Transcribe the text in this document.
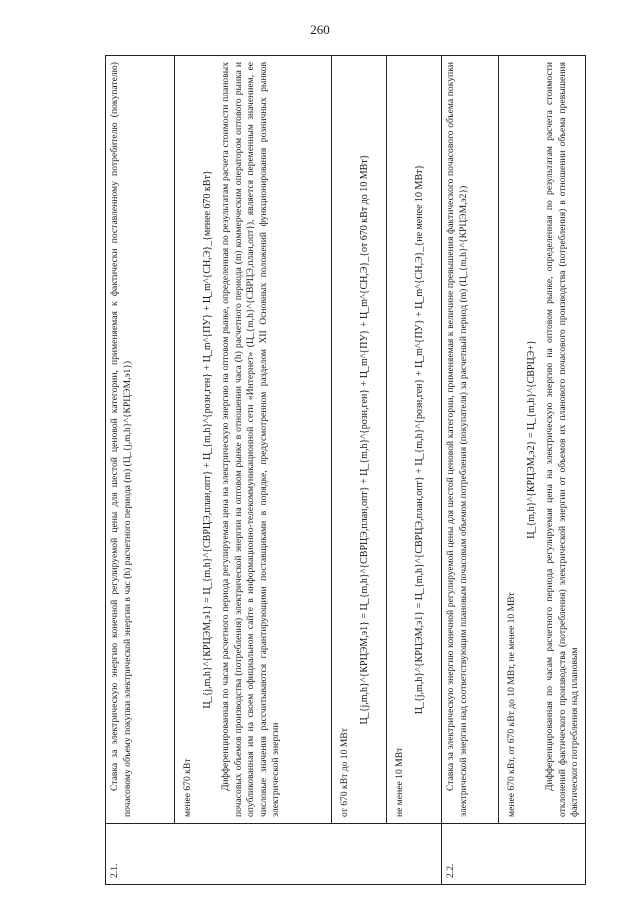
260
2.1.	Ставка за электрическую энергию конечной регулируемой цены для шестой ценовой категории, применяемая к фактически поставленному потребителю (покупателю) почасовому объему покупки электрической энергии в час (h) расчетного периода (m) (Ц_{j,m,h}^{КРЦЭМ,э1})

	менее 670 кВт
Ц_{j,m,h}^{КРЦЭМ,э1} = Ц_{m,h}^{СВРЦЭ,план,опт} + Ц_{m,h}^{розн,ген} + Ц_m^{ПУ} + Ц_m^{СН,Э}_{менее 670 кВт} Дифференцированная по часам расчетного периода регулируемая цена на электрическую энергию на оптовом рынке, определенная по результатам расчета стоимости плановых почасовых объемов производства (потребления) электрической энергии на оптовом рынке в отношении часа (h) расчетного периода (m) коммерческим оператором оптового рынка и опубликованная им на своем официальном сайте в информационно-телекоммуникационной сети «Интернет» (Ц_{m,h}^{СВРЦЭ,план,опт}), является переменным значением, ее числовые значения рассчитываются гарантирующими поставщиками в порядке, предусмотренном разделом XII Основных положений функционирования розничных рынков электрической энергии

	от 670 кВт до 10 МВт
Ц_{j,m,h}^{КРЦЭМ,э1} = Ц_{m,h}^{СВРЦЭ,план,опт} + Ц_{m,h}^{розн,ген} + Ц_m^{ПУ} + Ц_m^{СН,Э}_{от 670 кВт до 10 МВт}

	не менее 10 МВт
Ц_{j,m,h}^{КРЦЭМ,э1} = Ц_{m,h}^{СВРЦЭ,план,опт} + Ц_{m,h}^{розн,ген} + Ц_m^{ПУ} + Ц_m^{СН,Э}_{не менее 10 МВт}

2.2.	Ставка за электрическую энергию конечной регулируемой цены для шестой ценовой категории, применяемая к величине превышения фактического почасового объема покупки электрической энергии над соответствующим плановым почасовым объемом потребления (покупателя) за расчетный период (m) (Ц_{m,h}^{КРЦЭМ,э2})

	менее 670 кВт, от 670 кВт до 10 МВт, не менее 10 МВт
Ц_{m,h}^{КРЦЭМ,э2} = Ц_{m,h}^{СВРЦЭ+} Дифференцированная по часам расчетного периода регулируемая цена на электрическую энергию на оптовом рынке, определенная по результатам расчета стоимости отклонений фактического производства (потребления) электрической энергии от объемов их планового почасового производства (потребления) в отношении объема превышения фактического потребления над плановым
